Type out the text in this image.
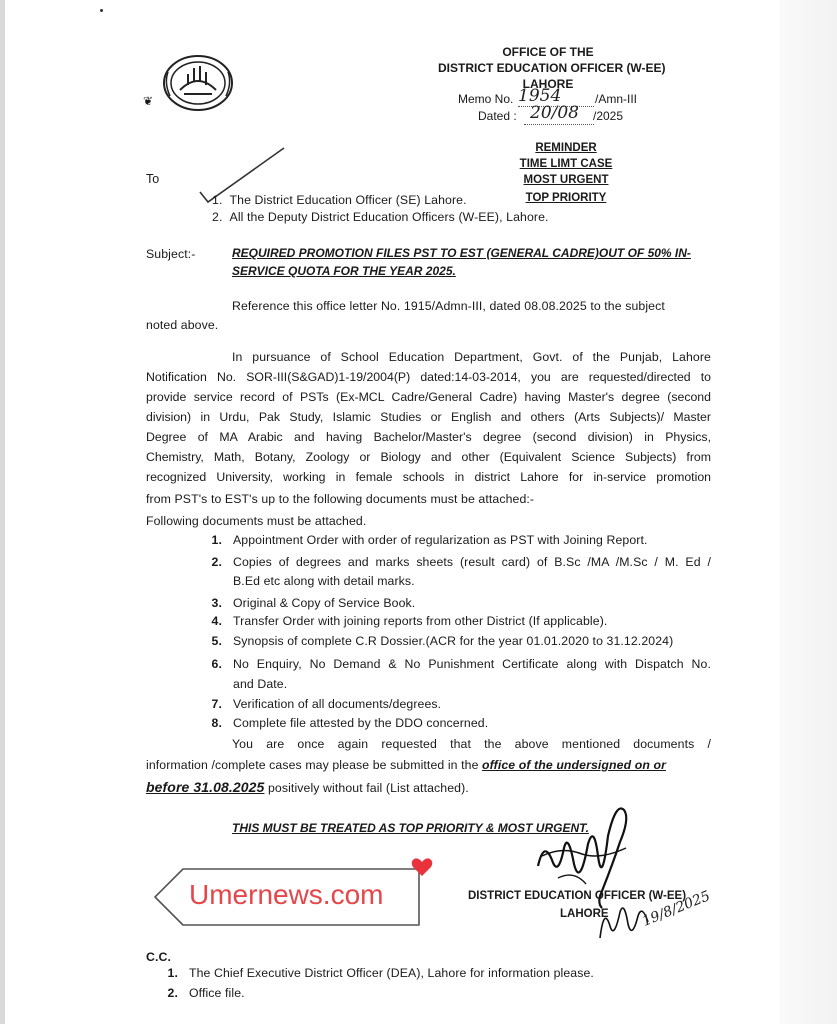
❦
OFFICE OF THE
DISTRICT EDUCATION OFFICER (W-EE)
LAHORE
Memo No. 1954	/Amn-III
Dated : 20/08 /2025
REMINDER
TIME LIMT CASE
MOST URGENT
TOP PRIORITY
To
1. The District Education Officer (SE) Lahore.
2. All the Deputy District Education Officers (W-EE), Lahore.
Subject:-	REQUIRED PROMOTION FILES PST TO EST (GENERAL CADRE)OUT OF 50% IN-
SERVICE QUOTA FOR THE YEAR 2025.
Reference this office letter No. 1915/Admn-III, dated 08.08.2025 to the subject
noted above.
In pursuance of School Education Department, Govt. of the Punjab, Lahore
Notification No. SOR-III(S&GAD)1-19/2004(P) dated:14-03-2014, you are requested/directed to
provide service record of PSTs (Ex-MCL Cadre/General Cadre) having Master's degree (second
division) in Urdu, Pak Study, Islamic Studies or English and others (Arts Subjects)/ Master
Degree of MA Arabic and having Bachelor/Master's degree (second division) in Physics,
Chemistry, Math, Botany, Zoology or Biology and other (Equivalent Science Subjects) from
recognized University, working in female schools in district Lahore for in-service promotion
from PST's to EST's up to the following documents must be attached:-
Following documents must be attached.
1. Appointment Order with order of regularization as PST with Joining Report.
2. Copies of degrees and marks sheets (result card) of B.Sc /MA /M.Sc / M. Ed /
B.Ed etc along with detail marks.
3. Original & Copy of Service Book.
4. Transfer Order with joining reports from other District (If applicable).
5. Synopsis of complete C.R Dossier.(ACR for the year 01.01.2020 to 31.12.2024)
6. No Enquiry, No Demand & No Punishment Certificate along with Dispatch No.
and Date.
7. Verification of all documents/degrees.
8. Complete file attested by the DDO concerned.
You are once again requested that the above mentioned documents /
information /complete cases may please be submitted in the office of the undersigned on or
before 31.08.2025 positively without fail (List attached).
THIS MUST BE TREATED AS TOP PRIORITY & MOST URGENT.
DISTRICT EDUCATION OFFICER (W-EE)
LAHORE 19/8/2025
C.C.
1. The Chief Executive District Officer (DEA), Lahore for information please.
2. Office file.
Umernews.com
